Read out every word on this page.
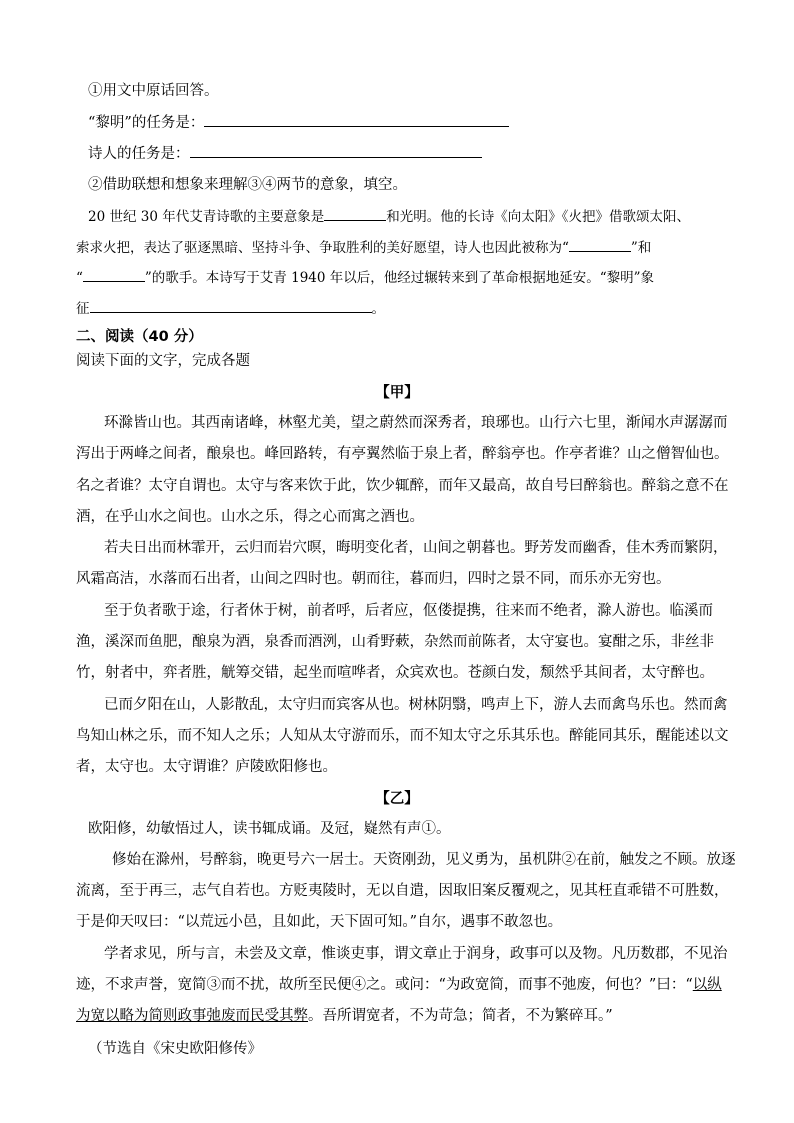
①用文中原话回答。
“黎明”的任务是：
诗人的任务是：
②借助联想和想象来理解③④两节的意象，填空。
20 世纪 30 年代艾青诗歌的主要意象是	和光明。他的长诗《向太阳》《火把》借歌颂太阳、
索求火把，表达了驱逐黑暗、坚持斗争、争取胜利的美好愿望，诗人也因此被称为“	”和
“	”的歌手。本诗写于艾青 1940 年以后，他经过辗转来到了革命根据地延安。“黎明”象
征	。
二、阅读（40 分）
阅读下面的文字，完成各题
【甲】
环滁皆山也。其西南诸峰，林壑尤美，望之蔚然而深秀者，琅琊也。山行六七里，渐闻水声潺潺而
泻出于两峰之间者，酿泉也。峰回路转，有亭翼然临于泉上者，醉翁亭也。作亭者谁？山之僧智仙也。
名之者谁？太守自谓也。太守与客来饮于此，饮少辄醉，而年又最高，故自号曰醉翁也。醉翁之意不在
酒，在乎山水之间也。山水之乐，得之心而寓之酒也。
若夫日出而林霏开，云归而岩穴暝，晦明变化者，山间之朝暮也。野芳发而幽香，佳木秀而繁阴，
风霜高洁，水落而石出者，山间之四时也。朝而往，暮而归，四时之景不同，而乐亦无穷也。
至于负者歌于途，行者休于树，前者呼，后者应，伛偻提携，往来而不绝者，滁人游也。临溪而
渔，溪深而鱼肥，酿泉为酒，泉香而酒洌，山肴野蔌，杂然而前陈者，太守宴也。宴酣之乐，非丝非
竹，射者中，弈者胜，觥筹交错，起坐而喧哗者，众宾欢也。苍颜白发，颓然乎其间者，太守醉也。
已而夕阳在山，人影散乱，太守归而宾客从也。树林阴翳，鸣声上下，游人去而禽鸟乐也。然而禽
鸟知山林之乐，而不知人之乐；人知从太守游而乐，而不知太守之乐其乐也。醉能同其乐，醒能述以文
者，太守也。太守谓谁？庐陵欧阳修也。
【乙】
欧阳修，幼敏悟过人，读书辄成诵。及冠，嶷然有声①。
修始在滁州，号醉翁，晚更号六一居士。天资刚劲，见义勇为，虽机阱②在前，触发之不顾。放逐
流离，至于再三，志气自若也。方贬夷陵时，无以自遣，因取旧案反覆观之，见其枉直乖错不可胜数，
于是仰天叹曰：“以荒远小邑，且如此，天下固可知。”自尔，遇事不敢忽也。
学者求见，所与言，未尝及文章，惟谈吏事，谓文章止于润身，政事可以及物。凡历数郡，不见治
迹，不求声誉，宽简③而不扰，故所至民便④之。或问：“为政宽简，而事不弛废，何也？”曰：“以纵
为宽以略为简则政事弛废而民受其弊。吾所谓宽者，不为苛急；简者，不为繁碎耳。”
（节选自《宋史欧阳修传》
